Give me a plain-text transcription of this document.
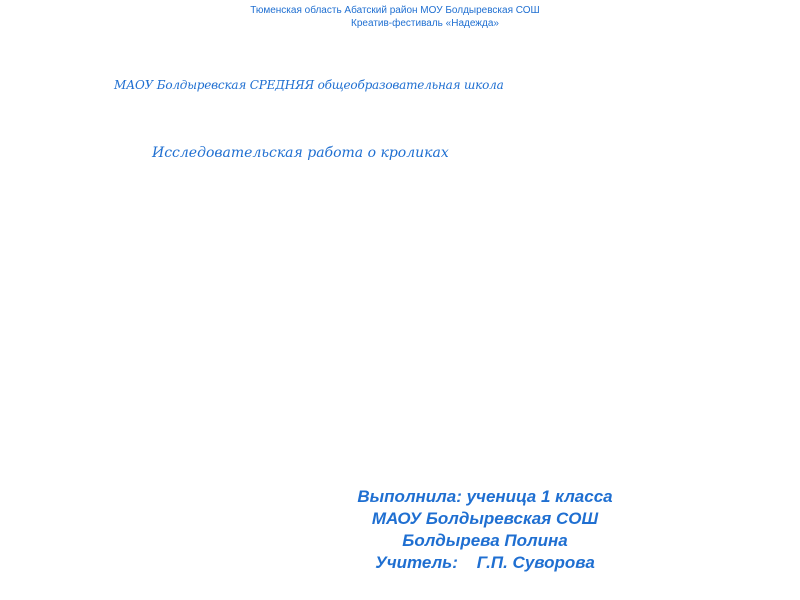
Тюменская область Абатский район МОУ Болдыревская СОШ
Креатив-фестиваль «Надежда»
МАОУ Болдыревская СРЕДНЯЯ общеобразовательная школа
Исследовательская работа о кроликах
Выполнила: ученица 1 класса
МАОУ Болдыревская СОШ
Болдырева Полина
Учитель:    Г.П. Суворова
